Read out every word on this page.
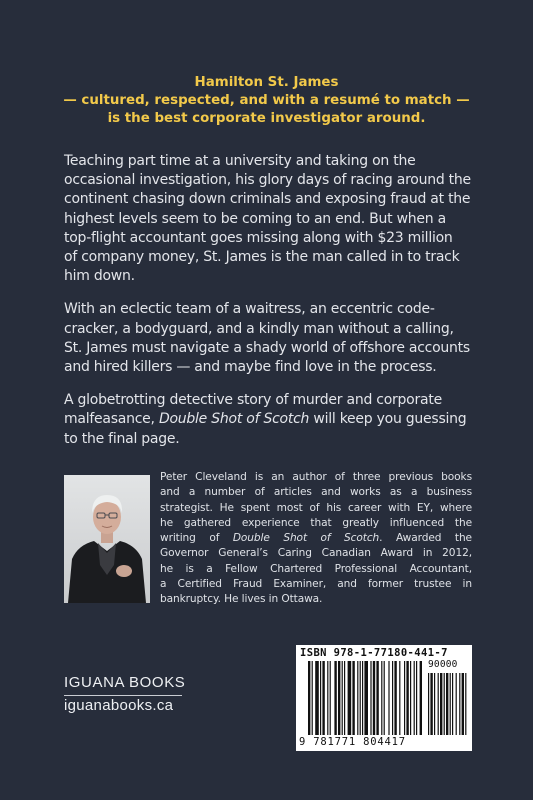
Hamilton St. James
— cultured, respected, and with a resumé to match —
is the best corporate investigator around.

Teaching part time at a university and taking on the
occasional investigation, his glory days of racing around the
continent chasing down criminals and exposing fraud at the
highest levels seem to be coming to an end. But when a
top-flight accountant goes missing along with $23 million
of company money, St. James is the man called in to track
him down.

With an eclectic team of a waitress, an eccentric code-
cracker, a bodyguard, and a kindly man without a calling,
St. James must navigate a shady world of offshore accounts
and hired killers — and maybe find love in the process.

A globetrotting detective story of murder and corporate
malfeasance, Double Shot of Scotch will keep you guessing
to the final page.

Peter Cleveland is an author of three previous books
and a number of articles and works as a business
strategist. He spent most of his career with EY, where
he gathered experience that greatly influenced the
writing of Double Shot of Scotch. Awarded the
Governor General’s Caring Canadian Award in 2012,
he is a Fellow Chartered Professional Accountant,
a Certified Fraud Examiner, and former trustee in
bankruptcy. He lives in Ottawa.
IGUANA BOOKS
iguanabooks.ca
ISBN 978-1-77180-441-7
90000
9 781771 804417
